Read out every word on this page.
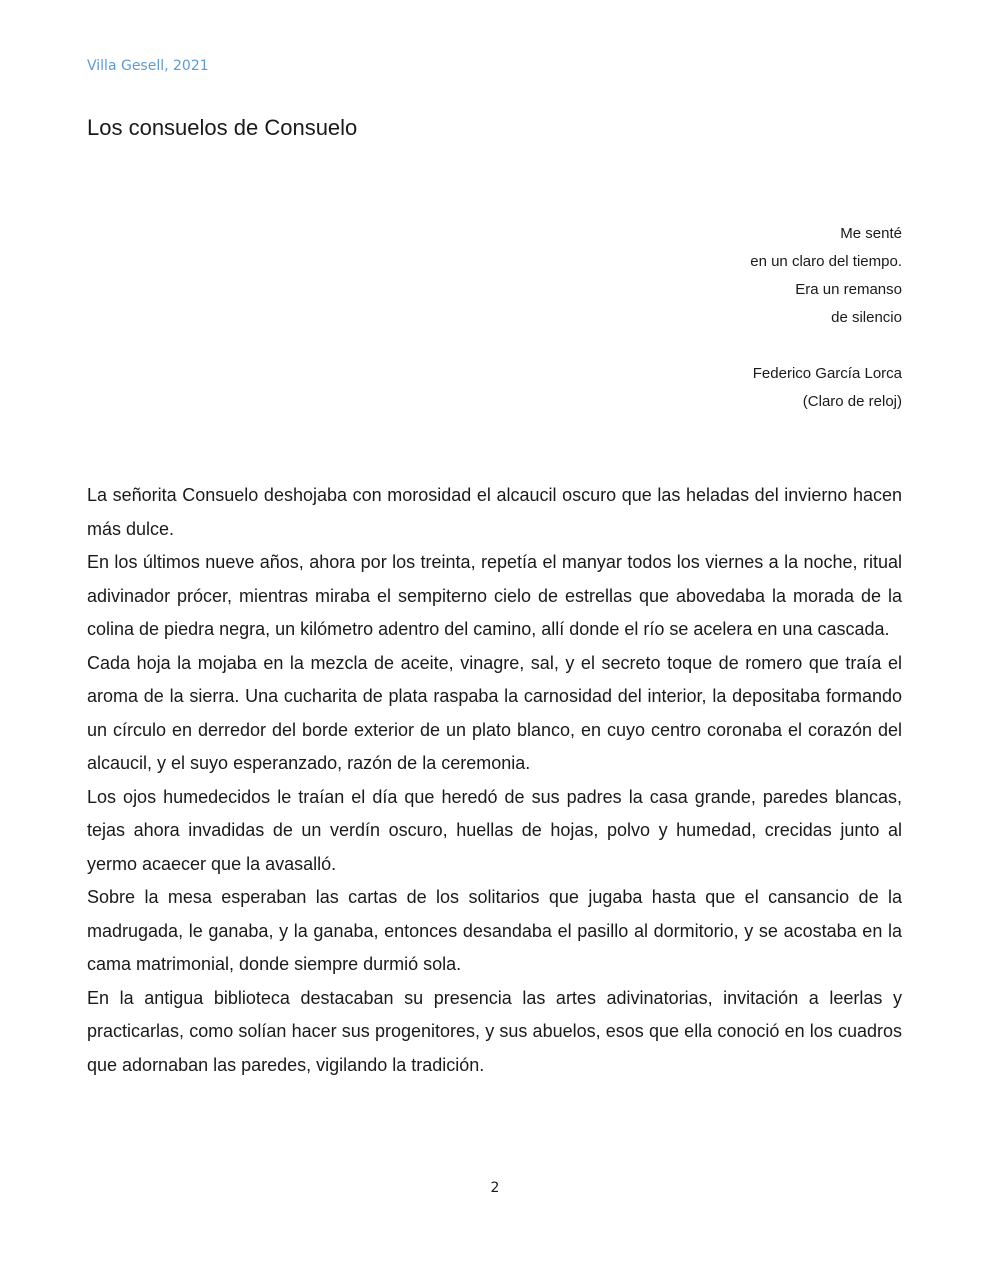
Villa Gesell, 2021

Los consuelos de Consuelo
Me senté
en un claro del tiempo.
Era un remanso
de silencio
Federico García Lorca
(Claro de reloj)

La señorita Consuelo deshojaba con morosidad el alcaucil oscuro que las heladas del invierno hacen más dulce.

En los últimos nueve años, ahora por los treinta, repetía el manyar todos los viernes a la noche, ritual adivinador prócer, mientras miraba el sempiterno cielo de estrellas que abovedaba la morada de la colina de piedra negra, un kilómetro adentro del camino, allí donde el río se acelera en una cascada.

Cada hoja la mojaba en la mezcla de aceite, vinagre, sal, y el secreto toque de romero que traía el aroma de la sierra. Una cucharita de plata raspaba la carnosidad del interior, la depositaba formando un círculo en derredor del borde exterior de un plato blanco, en cuyo centro coronaba el corazón del alcaucil, y el suyo esperanzado, razón de la ceremonia.

Los ojos humedecidos le traían el día que heredó de sus padres la casa grande, paredes blancas, tejas ahora invadidas de un verdín oscuro, huellas de hojas, polvo y humedad, crecidas junto al yermo acaecer que la avasalló.

Sobre la mesa esperaban las cartas de los solitarios que jugaba hasta que el cansancio de la madrugada, le ganaba, y la ganaba, entonces desandaba el pasillo al dormitorio, y se acostaba en la cama matrimonial, donde siempre durmió sola.

En la antigua biblioteca destacaban su presencia las artes adivinatorias, invitación a leerlas y practicarlas, como solían hacer sus progenitores, y sus abuelos, esos que ella conoció en los cuadros que adornaban las paredes, vigilando la tradición.

2
